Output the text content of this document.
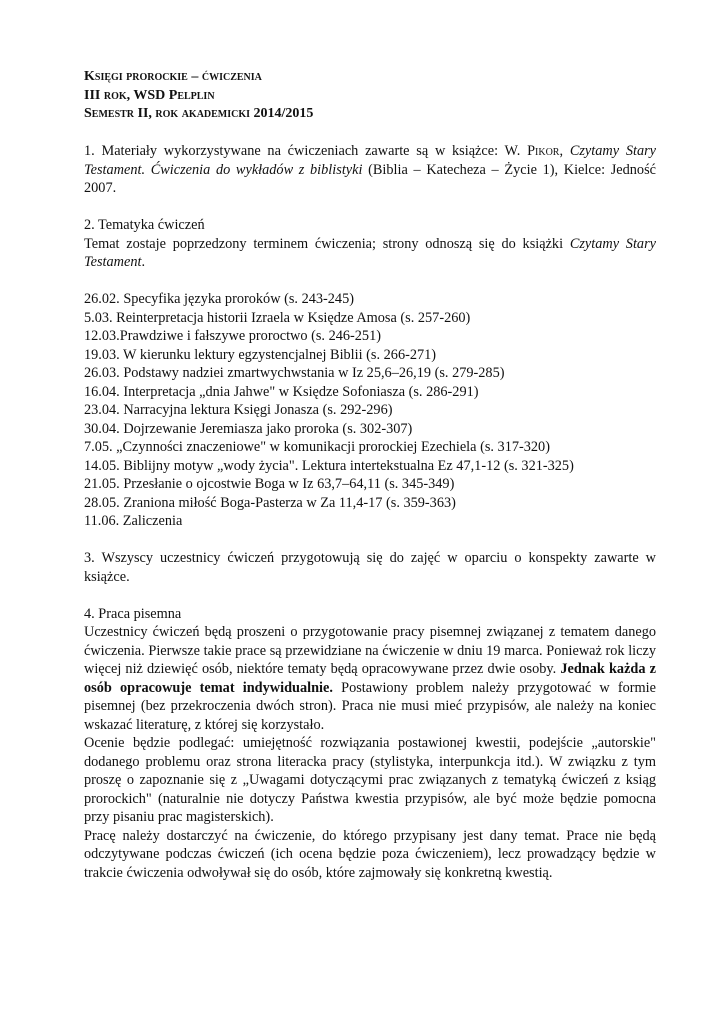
Księgi prorockie – ćwiczenia
III rok, WSD Pelplin
Semestr II, rok akademicki 2014/2015

1. Materiały wykorzystywane na ćwiczeniach zawarte są w książce: W. Pikor, Czytamy Stary Testament. Ćwiczenia do wykładów z biblistyki (Biblia – Katecheza – Życie 1), Kielce: Jedność 2007.

2. Tematyka ćwiczeń

Temat zostaje poprzedzony terminem ćwiczenia; strony odnoszą się do książki Czytamy Stary Testament.

26.02. Specyfika języka proroków (s. 243-245)
5.03. Reinterpretacja historii Izraela w Księdze Amosa (s. 257-260)
12.03.Prawdziwe i fałszywe proroctwo (s. 246-251)
19.03. W kierunku lektury egzystencjalnej Biblii (s. 266-271)
26.03. Podstawy nadziei zmartwychwstania w Iz 25,6–26,19 (s. 279-285)
16.04. Interpretacja „dnia Jahwe" w Księdze Sofoniasza (s. 286-291)
23.04. Narracyjna lektura Księgi Jonasza (s. 292-296)
30.04. Dojrzewanie Jeremiasza jako proroka (s. 302-307)
7.05. „Czynności znaczeniowe" w komunikacji prorockiej Ezechiela (s. 317-320)
14.05. Biblijny motyw „wody życia". Lektura intertekstualna Ez 47,1-12 (s. 321-325)
21.05. Przesłanie o ojcostwie Boga w Iz 63,7–64,11 (s. 345-349)
28.05. Zraniona miłość Boga-Pasterza w Za 11,4-17 (s. 359-363)
11.06. Zaliczenia

3. Wszyscy uczestnicy ćwiczeń przygotowują się do zajęć w oparciu o konspekty zawarte w książce.

4. Praca pisemna

Uczestnicy ćwiczeń będą proszeni o przygotowanie pracy pisemnej związanej z tematem danego ćwiczenia. Pierwsze takie prace są przewidziane na ćwiczenie w dniu 19 marca. Ponieważ rok liczy więcej niż dziewięć osób, niektóre tematy będą opracowywane przez dwie osoby. Jednak każda z osób opracowuje temat indywidualnie. Postawiony problem należy przygotować w formie pisemnej (bez przekroczenia dwóch stron). Praca nie musi mieć przypisów, ale należy na koniec wskazać literaturę, z której się korzystało.

Ocenie będzie podlegać: umiejętność rozwiązania postawionej kwestii, podejście „autorskie" dodanego problemu oraz strona literacka pracy (stylistyka, interpunkcja itd.). W związku z tym proszę o zapoznanie się z „Uwagami dotyczącymi prac związanych z tematyką ćwiczeń z ksiąg prorockich" (naturalnie nie dotyczy Państwa kwestia przypisów, ale być może będzie pomocna przy pisaniu prac magisterskich).

Pracę należy dostarczyć na ćwiczenie, do którego przypisany jest dany temat. Prace nie będą odczytywane podczas ćwiczeń (ich ocena będzie poza ćwiczeniem), lecz prowadzący będzie w trakcie ćwiczenia odwoływał się do osób, które zajmowały się konkretną kwestią.
